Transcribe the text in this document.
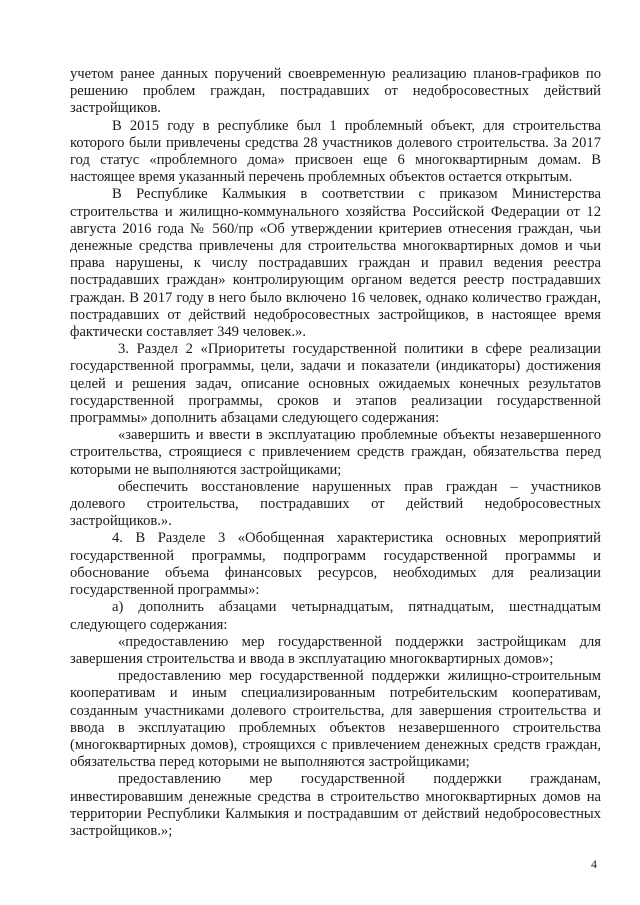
учетом ранее данных поручений своевременную реализацию планов-графиков по решению проблем граждан, пострадавших от недобросовестных действий застройщиков.

В 2015 году в республике был 1 проблемный объект, для строительства которого были привлечены средства 28 участников долевого строительства. За 2017 год статус «проблемного дома» присвоен еще 6 многоквартирным домам. В настоящее время указанный перечень проблемных объектов остается открытым.

В Республике Калмыкия в соответствии с приказом Министерства строительства и жилищно-коммунального хозяйства Российской Федерации от 12 августа 2016 года № 560/пр «Об утверждении критериев отнесения граждан, чьи денежные средства привлечены для строительства многоквартирных домов и чьи права нарушены, к числу пострадавших граждан и правил ведения реестра пострадавших граждан» контролирующим органом ведется реестр пострадавших граждан. В 2017 году в него было включено 16 человек, однако количество граждан, пострадавших от действий недобросовестных застройщиков, в настоящее время фактически составляет 349 человек.».

3. Раздел 2 «Приоритеты государственной политики в сфере реализации государственной программы, цели, задачи и показатели (индикаторы) достижения целей и решения задач, описание основных ожидаемых конечных результатов государственной программы, сроков и этапов реализации государственной программы» дополнить абзацами следующего содержания:

«завершить и ввести в эксплуатацию проблемные объекты незавершенного строительства, строящиеся с привлечением средств граждан, обязательства перед которыми не выполняются застройщиками;

обеспечить восстановление нарушенных прав граждан – участников долевого строительства, пострадавших от действий недобросовестных застройщиков.».

4. В Разделе 3 «Обобщенная характеристика основных мероприятий государственной программы, подпрограмм государственной программы и обоснование объема финансовых ресурсов, необходимых для реализации государственной программы»:

а) дополнить абзацами четырнадцатым, пятнадцатым, шестнадцатым следующего содержания:

«предоставлению мер государственной поддержки застройщикам для завершения строительства и ввода в эксплуатацию многоквартирных домов»;

предоставлению мер государственной поддержки жилищно-строительным кооперативам и иным специализированным потребительским кооперативам, созданным участниками долевого строительства, для завершения строительства и ввода в эксплуатацию проблемных объектов незавершенного строительства (многоквартирных домов), строящихся с привлечением денежных средств граждан, обязательства перед которыми не выполняются застройщиками;

предоставлению мер государственной поддержки гражданам, инвестировавшим денежные средства в строительство многоквартирных домов на территории Республики Калмыкия и пострадавшим от действий недобросовестных застройщиков.»;

4
